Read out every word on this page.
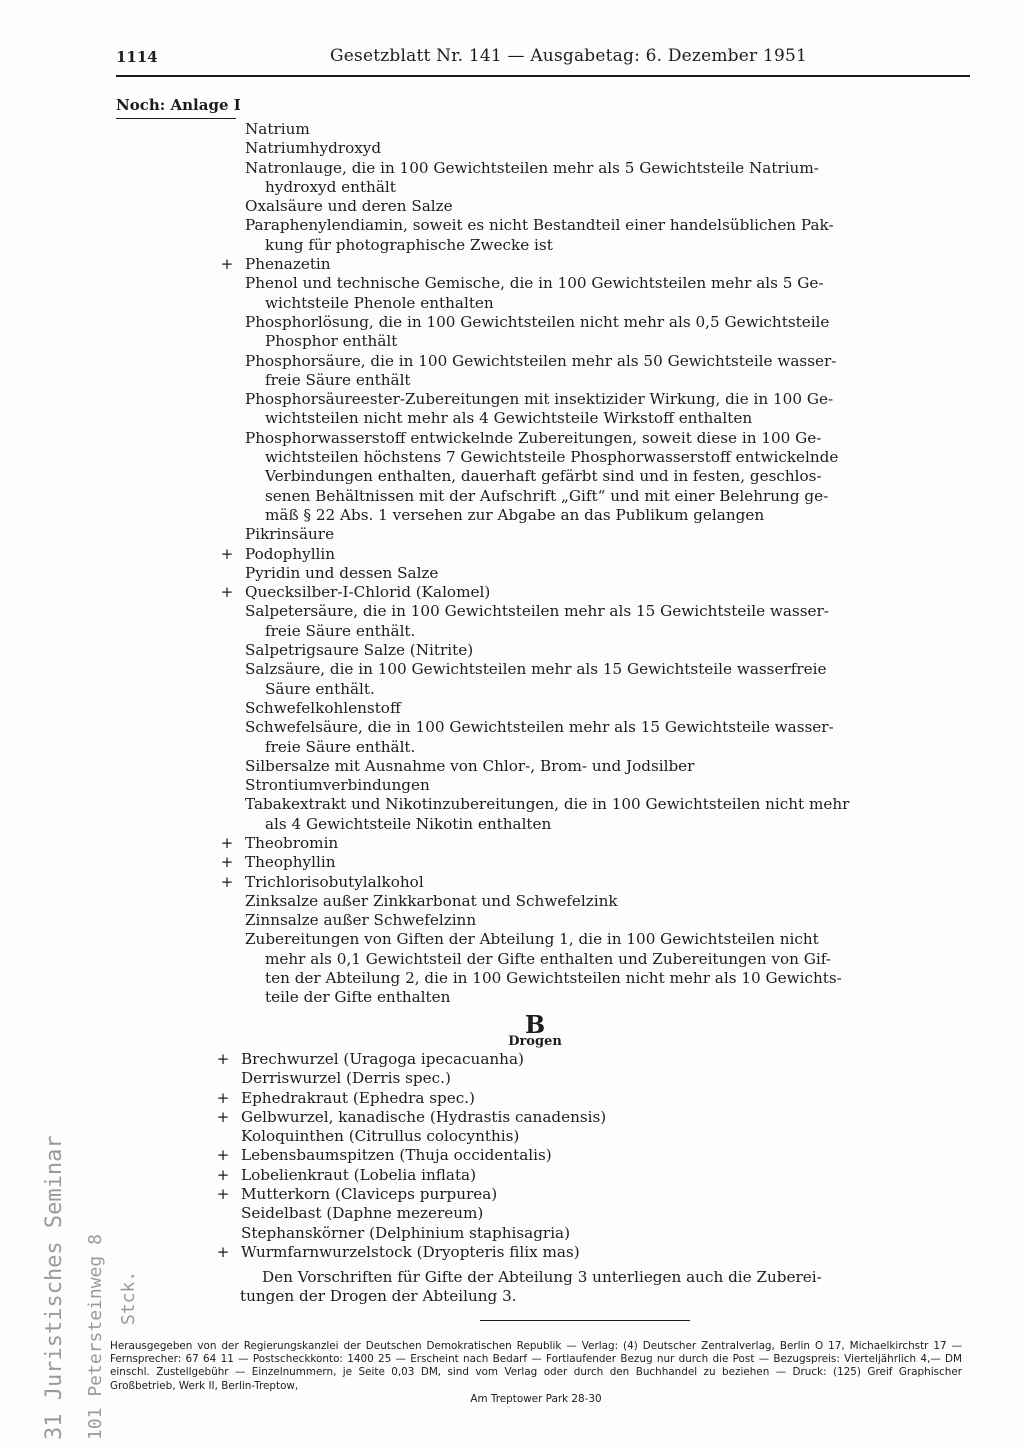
1114	Gesetzblatt Nr. 141 — Ausgabetag: 6. Dezember 1951
Noch: Anlage I
Natrium
Natriumhydroxyd
Natronlauge, die in 100 Gewichtsteilen mehr als 5 Gewichtsteile Natrium-
hydroxyd enthält
Oxalsäure und deren Salze
Paraphenylendiamin, soweit es nicht Bestandteil einer handelsüblichen Pak-
kung für photographische Zwecke ist
+ Phenazetin
Phenol und technische Gemische, die in 100 Gewichtsteilen mehr als 5 Ge-
wichtsteile Phenole enthalten
Phosphorlösung, die in 100 Gewichtsteilen nicht mehr als 0,5 Gewichtsteile
Phosphor enthält
Phosphorsäure, die in 100 Gewichtsteilen mehr als 50 Gewichtsteile wasser-
freie Säure enthält
Phosphorsäureester-Zubereitungen mit insektizider Wirkung, die in 100 Ge-
wichtsteilen nicht mehr als 4 Gewichtsteile Wirkstoff enthalten
Phosphorwasserstoff entwickelnde Zubereitungen, soweit diese in 100 Ge-
wichtsteilen höchstens 7 Gewichtsteile Phosphorwasserstoff entwickelnde
Verbindungen enthalten, dauerhaft gefärbt sind und in festen, geschlos-
senen Behältnissen mit der Aufschrift „Gift“ und mit einer Belehrung ge-
mäß § 22 Abs. 1 versehen zur Abgabe an das Publikum gelangen
Pikrinsäure
+ Podophyllin
Pyridin und dessen Salze
+ Quecksilber-I-Chlorid (Kalomel)
Salpetersäure, die in 100 Gewichtsteilen mehr als 15 Gewichtsteile wasser-
freie Säure enthält.
Salpetrigsaure Salze (Nitrite)
Salzsäure, die in 100 Gewichtsteilen mehr als 15 Gewichtsteile wasserfreie
Säure enthält.
Schwefelkohlenstoff
Schwefelsäure, die in 100 Gewichtsteilen mehr als 15 Gewichtsteile wasser-
freie Säure enthält.
Silbersalze mit Ausnahme von Chlor-, Brom- und Jodsilber
Strontiumverbindungen
Tabakextrakt und Nikotinzubereitungen, die in 100 Gewichtsteilen nicht mehr
als 4 Gewichtsteile Nikotin enthalten
+ Theobromin
+ Theophyllin
+ Trichlorisobutylalkohol
Zinksalze außer Zinkkarbonat und Schwefelzink
Zinnsalze außer Schwefelzinn
Zubereitungen von Giften der Abteilung 1, die in 100 Gewichtsteilen nicht
mehr als 0,1 Gewichtsteil der Gifte enthalten und Zubereitungen von Gif-
ten der Abteilung 2, die in 100 Gewichtsteilen nicht mehr als 10 Gewichts-
teile der Gifte enthalten
B
Drogen
+ Brechwurzel (Uragoga ipecacuanha)
Derriswurzel (Derris spec.)
+ Ephedrakraut (Ephedra spec.)
+ Gelbwurzel, kanadische (Hydrastis canadensis)
Koloquinthen (Citrullus colocynthis)
+ Lebensbaumspitzen (Thuja occidentalis)
+ Lobelienkraut (Lobelia inflata)
+ Mutterkorn (Claviceps purpurea)
Seidelbast (Daphne mezereum)
Stephanskörner (Delphinium staphisagria)
+ Wurmfarnwurzelstock (Dryopteris filix mas)
Den Vorschriften für Gifte der Abteilung 3 unterliegen auch die Zubereitungen der Drogen der Abteilung 3.
Herausgegeben von der Regierungskanzlei der Deutschen Demokratischen Republik — Verlag: (4) Deutscher Zentralverlag, Berlin O 17, Michaelkirchstr 17 — Fernsprecher: 67 64 11 — Postscheckkonto: 1400 25 — Erscheint nach Bedarf — Fortlaufender Bezug nur durch die Post — Bezugspreis: Vierteljährlich 4,— DM einschl. Zustellgebühr — Einzelnummern, je Seite 0,03 DM, sind vom Verlag oder durch den Buchhandel zu beziehen — Druck: (125) Greif Graphischer Großbetrieb, Werk II, Berlin-Treptow,
Am Treptower Park 28-30
31 Juristisches Seminar 101 Petersteinweg 8 Stck.
